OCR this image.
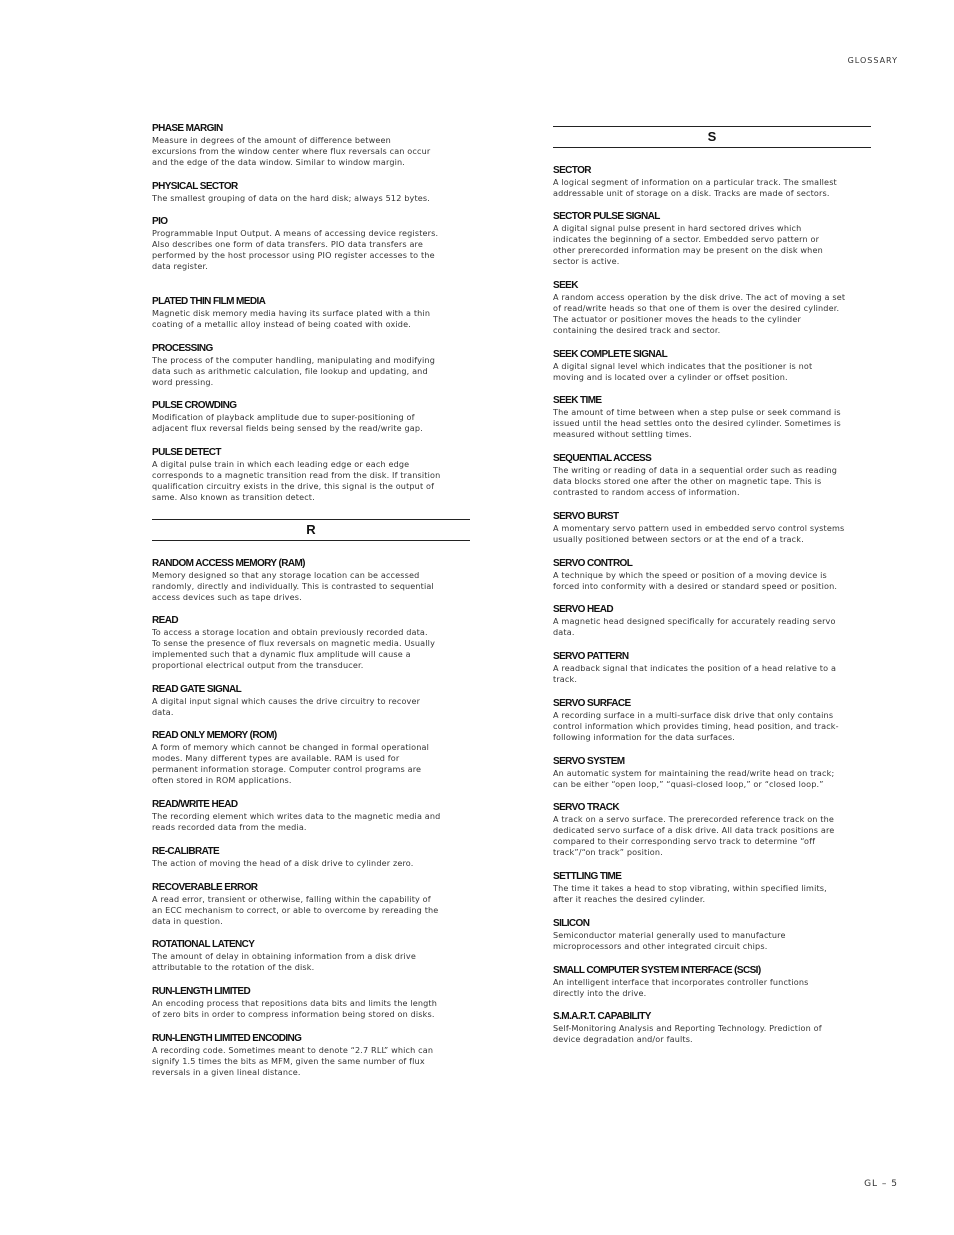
GLOSSARY
PHASE MARGIN
Measure in degrees of the amount of difference between
excursions from the window center where flux reversals can occur
and the edge of the data window. Similar to window margin.
PHYSICAL SECTOR
The smallest grouping of data on the hard disk; always 512 bytes.
PIO
Programmable Input Output. A means of accessing device registers.
Also describes one form of data transfers. PIO data transfers are
performed by the host processor using PIO register accesses to the
data register.
PLATED THIN FILM MEDIA
Magnetic disk memory media having its surface plated with a thin
coating of a metallic alloy instead of being coated with oxide.
PROCESSING
The process of the computer handling, manipulating and modifying
data such as arithmetic calculation, file lookup and updating, and
word pressing.
PULSE CROWDING
Modification of playback amplitude due to super-positioning of
adjacent flux reversal fields being sensed by the read/write gap.
PULSE DETECT
A digital pulse train in which each leading edge or each edge
corresponds to a magnetic transition read from the disk. If transition
qualification circuitry exists in the drive, this signal is the output of
same. Also known as transition detect.
R
RANDOM ACCESS MEMORY (RAM)
Memory designed so that any storage location can be accessed
randomly, directly and individually. This is contrasted to sequential
access devices such as tape drives.
READ
To access a storage location and obtain previously recorded data.
To sense the presence of flux reversals on magnetic media. Usually
implemented such that a dynamic flux amplitude will cause a
proportional electrical output from the transducer.
READ GATE SIGNAL
A digital input signal which causes the drive circuitry to recover
data.
READ ONLY MEMORY (ROM)
A form of memory which cannot be changed in formal operational
modes. Many different types are available. RAM is used for
permanent information storage. Computer control programs are
often stored in ROM applications.
READ/WRITE HEAD
The recording element which writes data to the magnetic media and
reads recorded data from the media.
RE-CALIBRATE
The action of moving the head of a disk drive to cylinder zero.
RECOVERABLE ERROR
A read error, transient or otherwise, falling within the capability of
an ECC mechanism to correct, or able to overcome by rereading the
data in question.
ROTATIONAL LATENCY
The amount of delay in obtaining information from a disk drive
attributable to the rotation of the disk.
RUN-LENGTH LIMITED
An encoding process that repositions data bits and limits the length
of zero bits in order to compress information being stored on disks.
RUN-LENGTH LIMITED ENCODING
A recording code. Sometimes meant to denote “2.7 RLL” which can
signify 1.5 times the bits as MFM, given the same number of flux
reversals in a given lineal distance.
S
SECTOR
A logical segment of information on a particular track. The smallest
addressable unit of storage on a disk. Tracks are made of sectors.
SECTOR PULSE SIGNAL
A digital signal pulse present in hard sectored drives which
indicates the beginning of a sector. Embedded servo pattern or
other prerecorded information may be present on the disk when
sector is active.
SEEK
A random access operation by the disk drive. The act of moving a set
of read/write heads so that one of them is over the desired cylinder.
The actuator or positioner moves the heads to the cylinder
containing the desired track and sector.
SEEK COMPLETE SIGNAL
A digital signal level which indicates that the positioner is not
moving and is located over a cylinder or offset position.
SEEK TIME
The amount of time between when a step pulse or seek command is
issued until the head settles onto the desired cylinder. Sometimes is
measured without settling times.
SEQUENTIAL ACCESS
The writing or reading of data in a sequential order such as reading
data blocks stored one after the other on magnetic tape. This is
contrasted to random access of information.
SERVO BURST
A momentary servo pattern used in embedded servo control systems
usually positioned between sectors or at the end of a track.
SERVO CONTROL
A technique by which the speed or position of a moving device is
forced into conformity with a desired or standard speed or position.
SERVO HEAD
A magnetic head designed specifically for accurately reading servo
data.
SERVO PATTERN
A readback signal that indicates the position of a head relative to a
track.
SERVO SURFACE
A recording surface in a multi-surface disk drive that only contains
control information which provides timing, head position, and track-
following information for the data surfaces.
SERVO SYSTEM
An automatic system for maintaining the read/write head on track;
can be either “open loop,” “quasi-closed loop,” or “closed loop.”
SERVO TRACK
A track on a servo surface. The prerecorded reference track on the
dedicated servo surface of a disk drive. All data track positions are
compared to their corresponding servo track to determine “off
track”/“on track” position.
SETTLING TIME
The time it takes a head to stop vibrating, within specified limits,
after it reaches the desired cylinder.
SILICON
Semiconductor material generally used to manufacture
microprocessors and other integrated circuit chips.
SMALL COMPUTER SYSTEM INTERFACE (SCSI)
An intelligent interface that incorporates controller functions
directly into the drive.
S.M.A.R.T. CAPABILITY
Self-Monitoring Analysis and Reporting Technology. Prediction of
device degradation and/or faults.
GL – 5
